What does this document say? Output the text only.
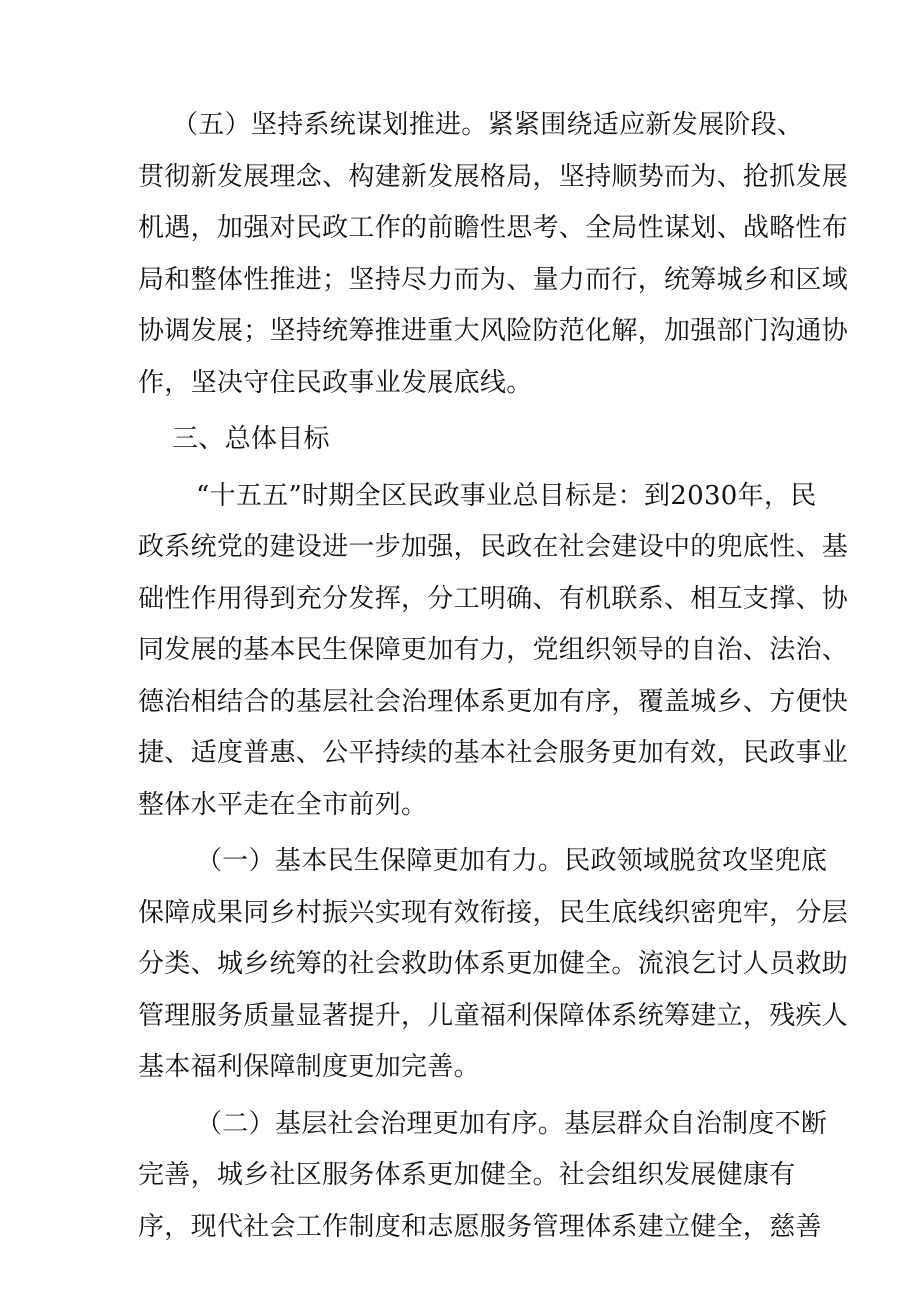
（五）坚持系统谋划推进。紧紧围绕适应新发展阶段、
贯彻新发展理念、构建新发展格局，坚持顺势而为、抢抓发展
机遇，加强对民政工作的前瞻性思考、全局性谋划、战略性布
局和整体性推进；坚持尽力而为、量力而行，统筹城乡和区域
协调发展；坚持统筹推进重大风险防范化解，加强部门沟通协
作，坚决守住民政事业发展底线。
三、总体目标
“十五五”时期全区民政事业总目标是：到2030年，民
政系统党的建设进一步加强，民政在社会建设中的兜底性、基
础性作用得到充分发挥，分工明确、有机联系、相互支撑、协
同发展的基本民生保障更加有力，党组织领导的自治、法治、
德治相结合的基层社会治理体系更加有序，覆盖城乡、方便快
捷、适度普惠、公平持续的基本社会服务更加有效，民政事业
整体水平走在全市前列。
（一）基本民生保障更加有力。民政领域脱贫攻坚兜底
保障成果同乡村振兴实现有效衔接，民生底线织密兜牢，分层
分类、城乡统筹的社会救助体系更加健全。流浪乞讨人员救助
管理服务质量显著提升，儿童福利保障体系统筹建立，残疾人
基本福利保障制度更加完善。
（二）基层社会治理更加有序。基层群众自治制度不断
完善，城乡社区服务体系更加健全。社会组织发展健康有
序，现代社会工作制度和志愿服务管理体系建立健全，慈善
